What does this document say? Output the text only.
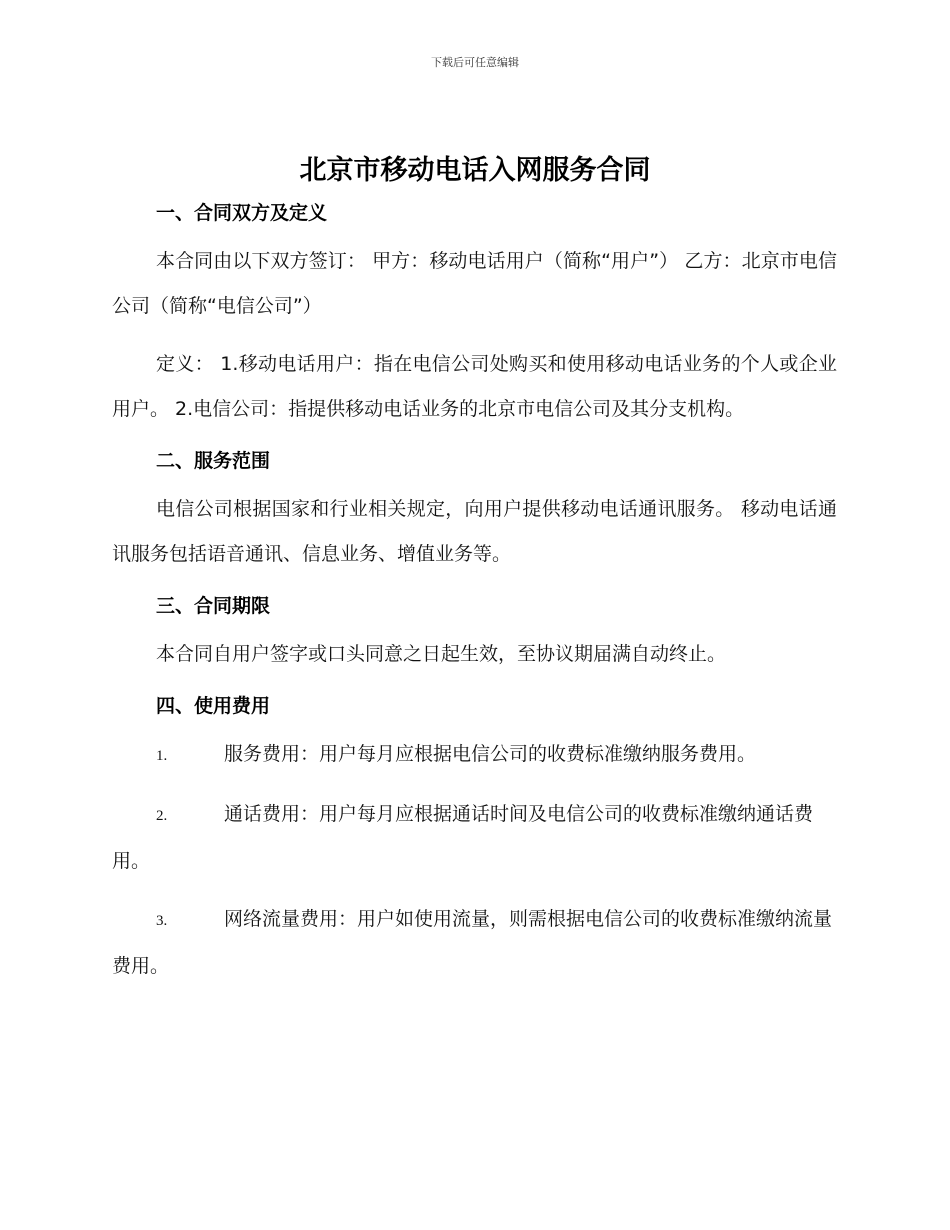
下载后可任意编辑
北京市移动电话入网服务合同
一、合同双方及定义

本合同由以下双方签订： 甲方：移动电话用户（简称“用户”） 乙方：北京市电信公司（简称“电信公司”）

定义： 1.移动电话用户：指在电信公司处购买和使用移动电话业务的个人或企业用户。 2.电信公司：指提供移动电话业务的北京市电信公司及其分支机构。

二、服务范围

电信公司根据国家和行业相关规定，向用户提供移动电话通讯服务。 移动电话通讯服务包括语音通讯、信息业务、增值业务等。

三、合同期限

本合同自用户签字或口头同意之日起生效，至协议期届满自动终止。

四、使用费用

1.	服务费用：用户每月应根据电信公司的收费标准缴纳服务费用。

2.	通话费用：用户每月应根据通话时间及电信公司的收费标准缴纳通话费用。

3.	网络流量费用：用户如使用流量，则需根据电信公司的收费标准缴纳流量费用。
